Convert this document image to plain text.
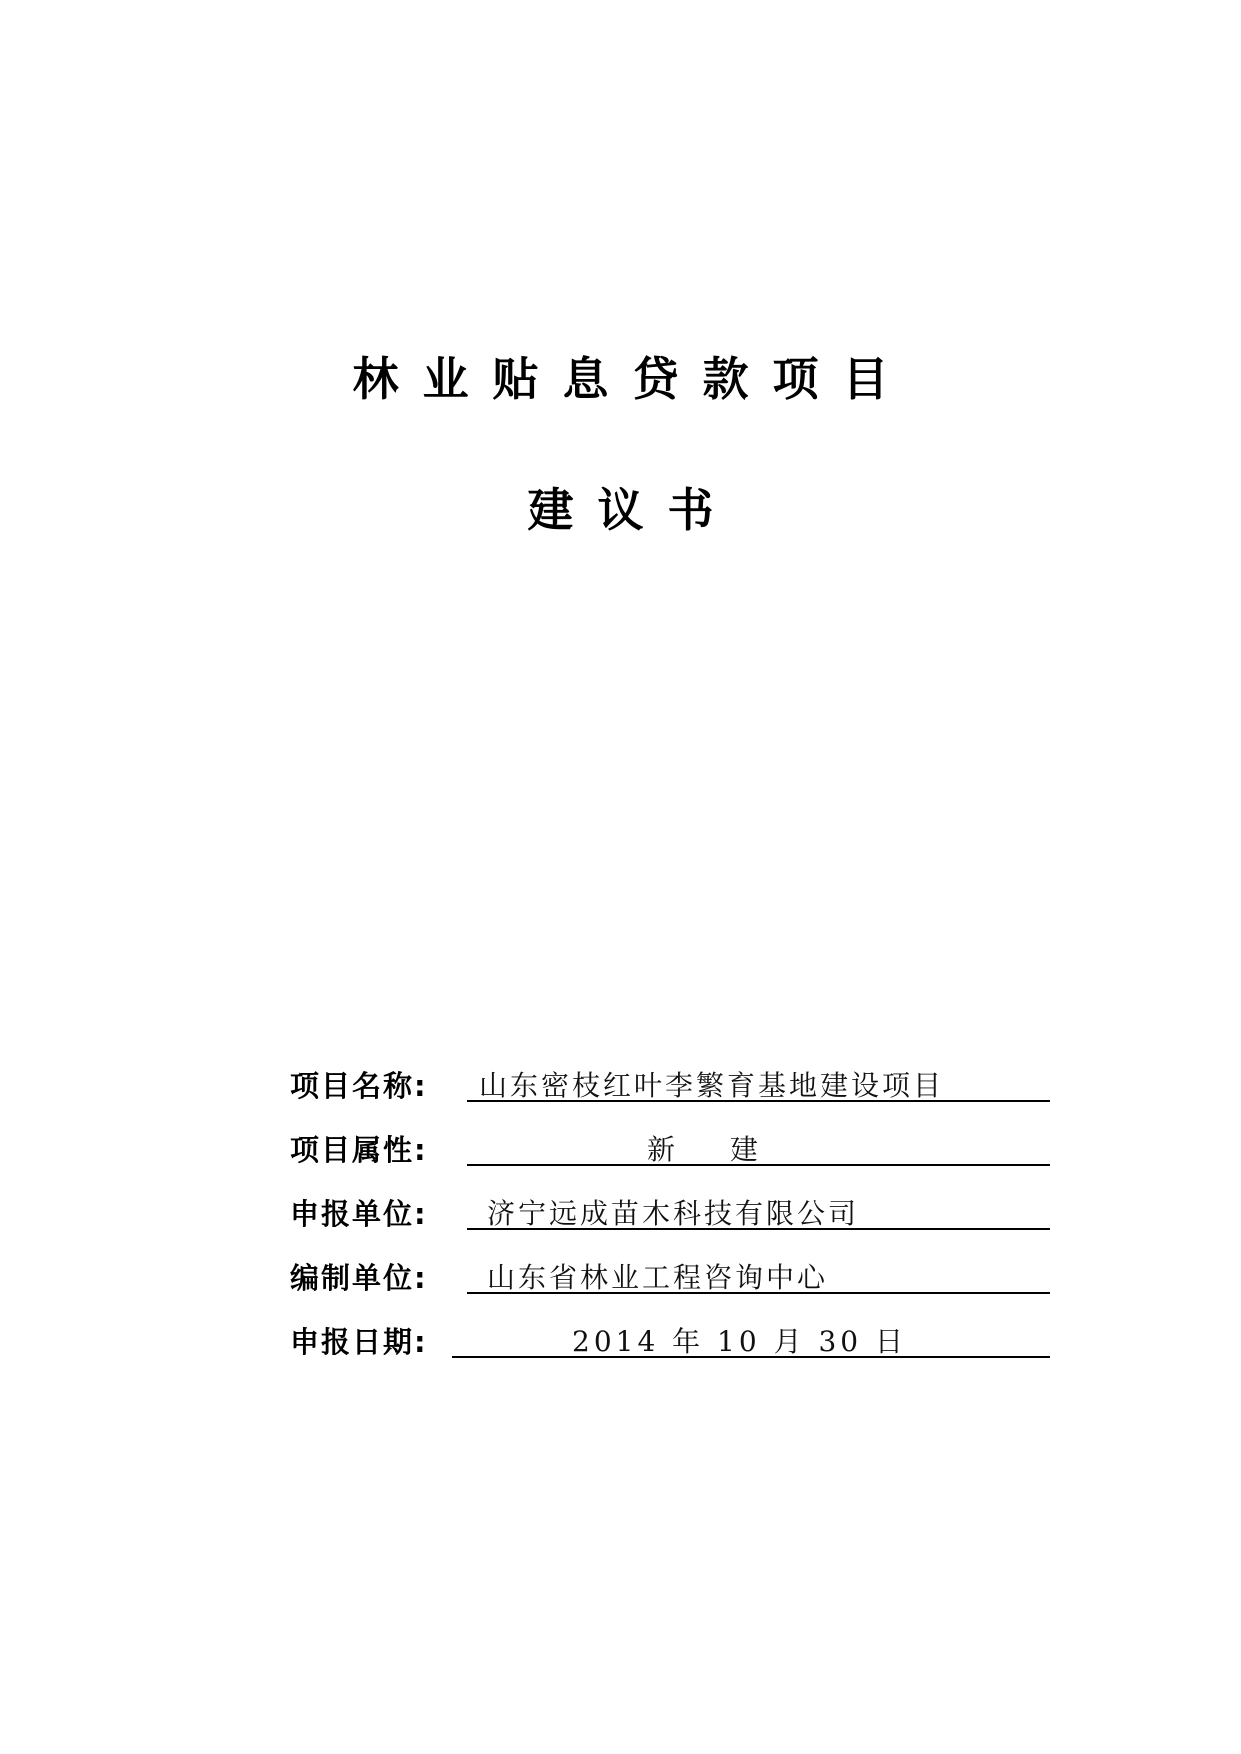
林 业 贴 息 贷 款 项 目
建 议 书
项目名称:	山东密枝红叶李繁育基地建设项目
项目属性:	新 建
申报单位:	济宁远成苗木科技有限公司
编制单位:	山东省林业工程咨询中心
申报日期:	2014 年 10 月 30 日
